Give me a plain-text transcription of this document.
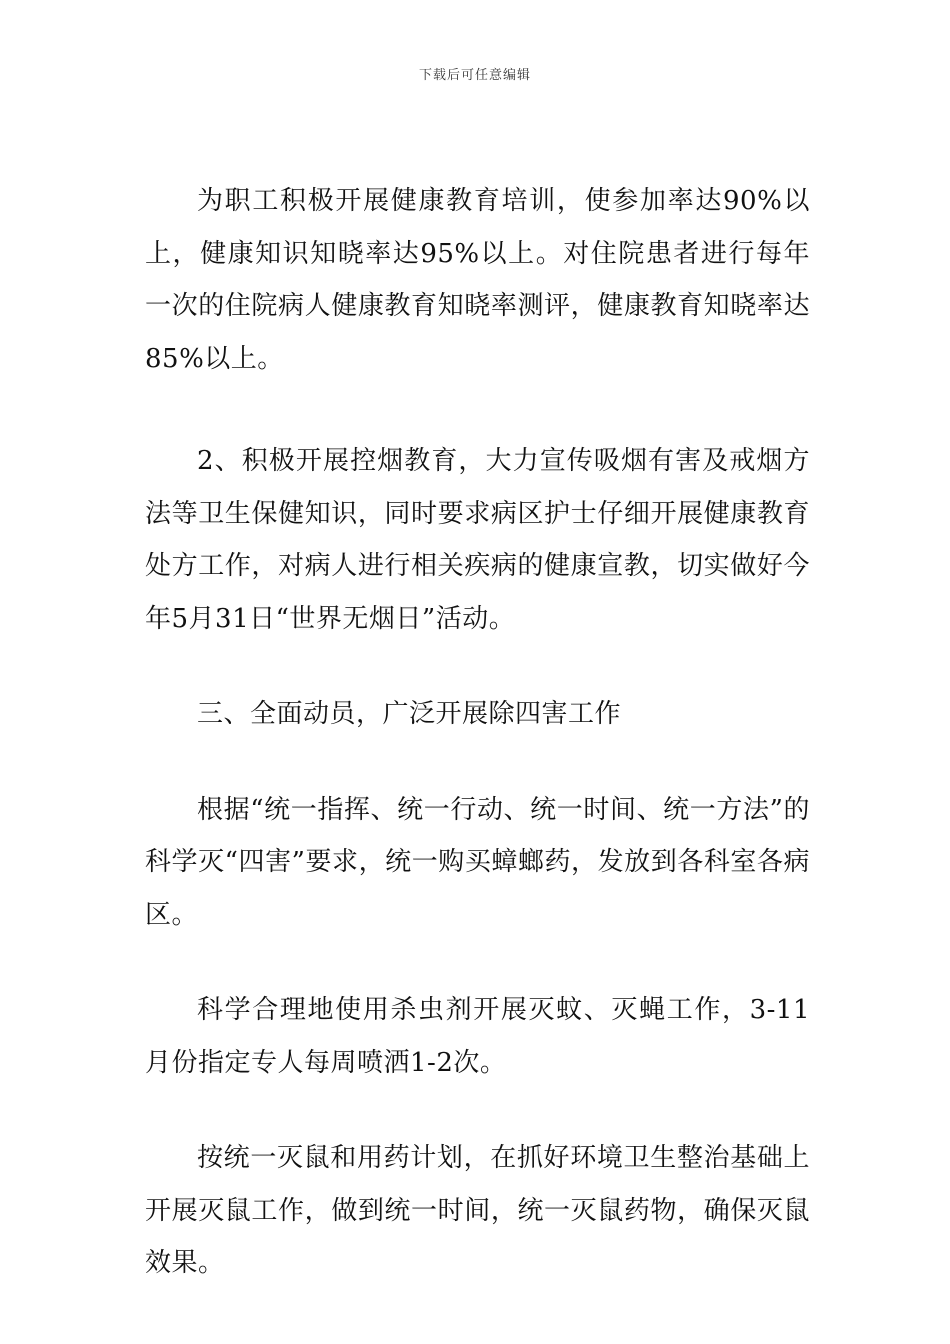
下载后可任意编辑

为职工积极开展健康教育培训，使参加率达90%以上，健康知识知晓率达95%以上。对住院患者进行每年一次的住院病人健康教育知晓率测评，健康教育知晓率达85%以上。

2、积极开展控烟教育，大力宣传吸烟有害及戒烟方法等卫生保健知识，同时要求病区护士仔细开展健康教育处方工作，对病人进行相关疾病的健康宣教，切实做好今年5月31日“世界无烟日”活动。

三、全面动员，广泛开展除四害工作

根据“统一指挥、统一行动、统一时间、统一方法”的科学灭“四害”要求，统一购买蟑螂药，发放到各科室各病区。

科学合理地使用杀虫剂开展灭蚊、灭蝇工作，3-11月份指定专人每周喷洒1-2次。

按统一灭鼠和用药计划，在抓好环境卫生整治基础上开展灭鼠工作，做到统一时间，统一灭鼠药物，确保灭鼠效果。
